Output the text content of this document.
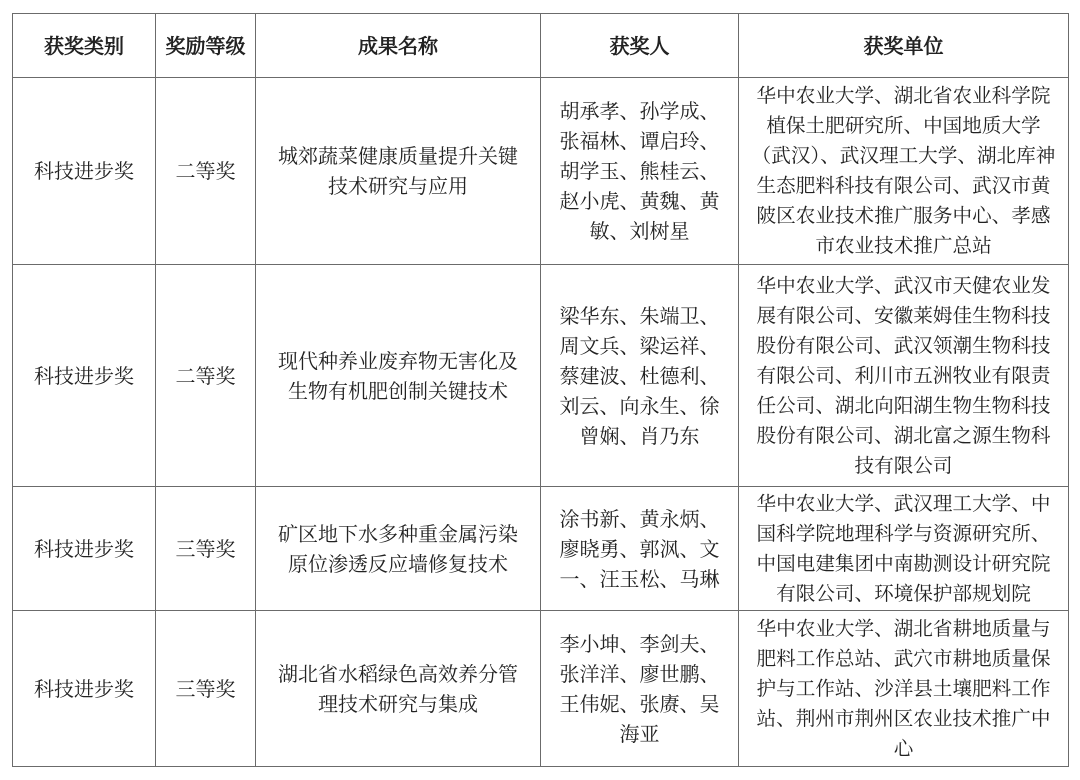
获奖类别	奖励等级	成果名称	获奖人	获奖单位
科技进步奖	二等奖	城郊蔬菜健康质量提升关键技术研究与应用	胡承孝、孙学成、张福林、谭启玲、胡学玉、熊桂云、赵小虎、黄魏、黄敏、刘树星	华中农业大学、湖北省农业科学院植保土肥研究所、中国地质大学（武汉）、武汉理工大学、湖北库神生态肥料科技有限公司、武汉市黄陂区农业技术推广服务中心、孝感市农业技术推广总站
科技进步奖	二等奖	现代种养业废弃物无害化及生物有机肥创制关键技术	梁华东、朱端卫、周文兵、梁运祥、蔡建波、杜德利、刘云、向永生、徐曾娴、肖乃东	华中农业大学、武汉市天健农业发展有限公司、安徽莱姆佳生物科技股份有限公司、武汉领潮生物科技有限公司、利川市五洲牧业有限责任公司、湖北向阳湖生物生物科技股份有限公司、湖北富之源生物科技有限公司
科技进步奖	三等奖	矿区地下水多种重金属污染原位渗透反应墙修复技术	涂书新、黄永炳、廖晓勇、郭沨、文一、汪玉松、马琳	华中农业大学、武汉理工大学、中国科学院地理科学与资源研究所、中国电建集团中南勘测设计研究院有限公司、环境保护部规划院
科技进步奖	三等奖	湖北省水稻绿色高效养分管理技术研究与集成	李小坤、李剑夫、张洋洋、廖世鹏、王伟妮、张赓、吴海亚	华中农业大学、湖北省耕地质量与肥料工作总站、武穴市耕地质量保护与工作站、沙洋县土壤肥料工作站、荆州市荆州区农业技术推广中心
